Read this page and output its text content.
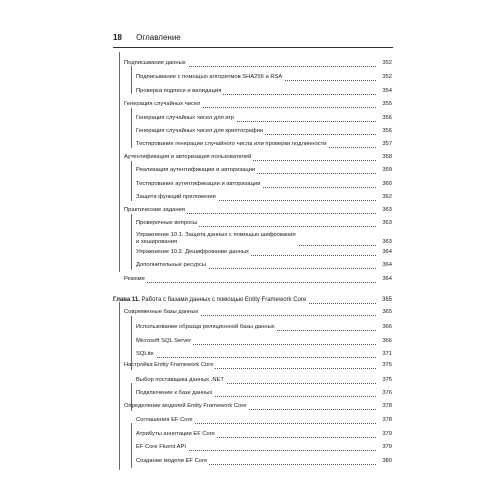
18 Оглавление
Подписывание данных	352
Подписывание с помощью алгоритмов SHA256 и RSA	352
Проверка подписи и валидация	354
Генерация случайных чисел	355
Генерация случайных чисел для игр	356
Генерация случайных чисел для криптографии	356
Тестирование генерации случайного числа или проверки подлинности	357
Аутентификация и авторизация пользователей	358
Реализация аутентификации и авторизации	359
Тестирование аутентификации и авторизации	360
Защита функций приложения	362
Практические задания	363
Проверочные вопросы	363
Упражнение 10.1. Защита данных с помощью шифрования
и хеширования	363
Упражнение 10.2. Дешифрование данных	364
Дополнительные ресурсы	364
Резюме	364
Глава 11. Работа с базами данных с помощью Entity Framework Core	365
Современные базы данных	365
Использование образца реляционной базы данных	366
Microsoft SQL Server	366
SQLite	371
Настройка Entity Framework Core	375
Выбор поставщика данных .NET	375
Подключение к базе данных	376
Определение моделей Entity Framework Core	378
Соглашения EF Core	378
Атрибуты аннотации EF Core	379
EF Core Fluent API	379
Создание модели EF Core	380
